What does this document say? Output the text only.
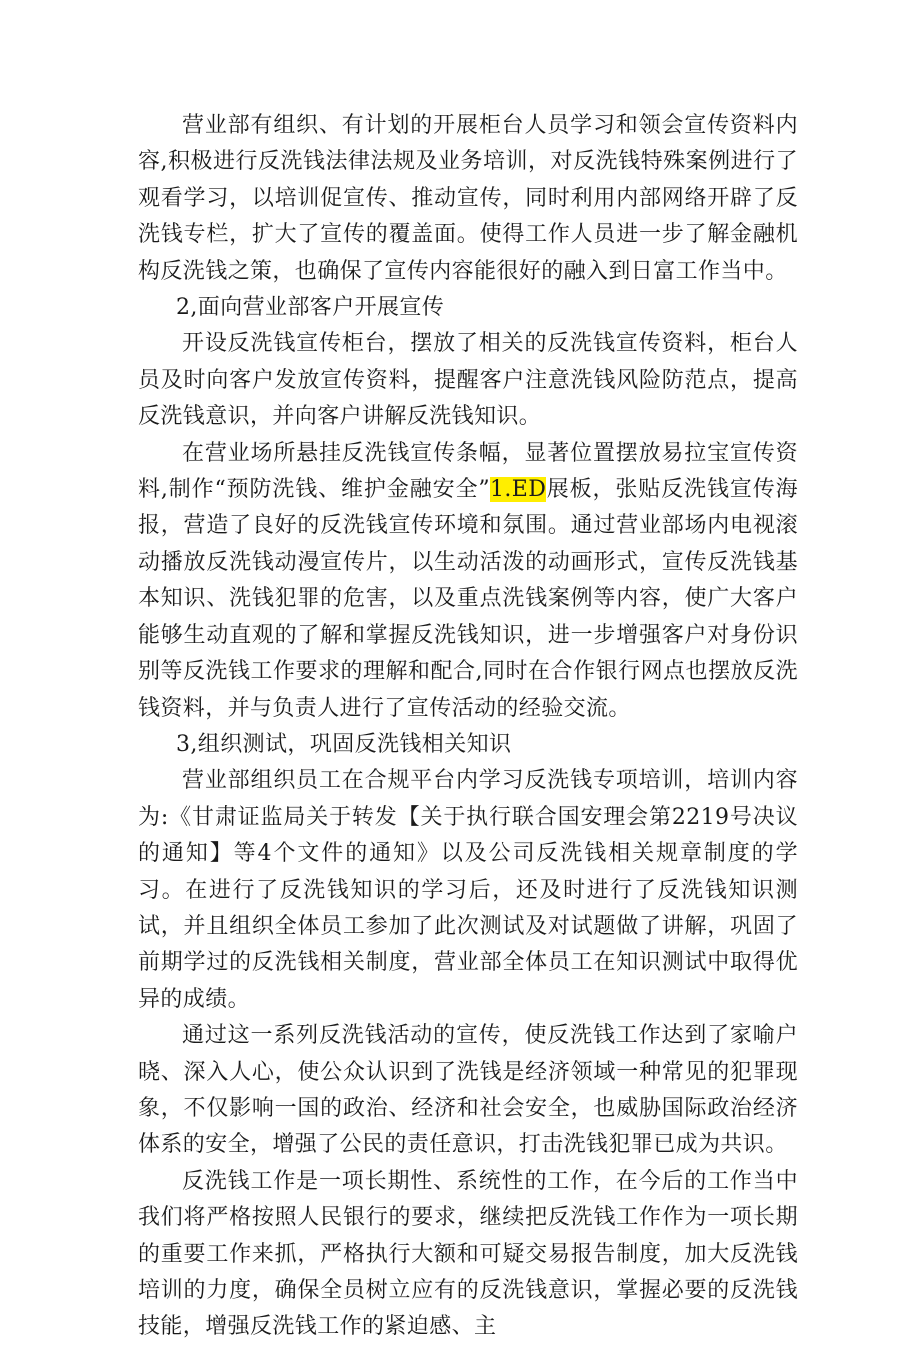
营业部有组织、有计划的开展柜台人员学习和领会宣传资料内容,积极进行反洗钱法律法规及业务培训，对反洗钱特殊案例进行了观看学习，以培训促宣传、推动宣传，同时利用内部网络开辟了反洗钱专栏，扩大了宣传的覆盖面。使得工作人员进一步了解金融机构反洗钱之策，也确保了宣传内容能很好的融入到日富工作当中。

2,面向营业部客户开展宣传

开设反洗钱宣传柜台，摆放了相关的反洗钱宣传资料，柜台人员及时向客户发放宣传资料，提醒客户注意洗钱风险防范点，提高反洗钱意识，并向客户讲解反洗钱知识。

在营业场所悬挂反洗钱宣传条幅，显著位置摆放易拉宝宣传资料,制作“预防洗钱、维护金融安全”1.ED展板，张贴反洗钱宣传海报，营造了良好的反洗钱宣传环境和氛围。通过营业部场内电视滚动播放反洗钱动漫宣传片，以生动活泼的动画形式，宣传反洗钱基本知识、洗钱犯罪的危害，以及重点洗钱案例等内容，使广大客户能够生动直观的了解和掌握反洗钱知识，进一步增强客户对身份识别等反洗钱工作要求的理解和配合,同时在合作银行网点也摆放反洗钱资料，并与负责人进行了宣传活动的经验交流。

3,组织测试，巩固反洗钱相关知识

营业部组织员工在合规平台内学习反洗钱专项培训，培训内容为:《甘肃证监局关于转发【关于执行联合国安理会第2219号决议的通知】等4个文件的通知》以及公司反洗钱相关规章制度的学习。在进行了反洗钱知识的学习后，还及时进行了反洗钱知识测试，并且组织全体员工参加了此次测试及对试题做了讲解，巩固了前期学过的反洗钱相关制度，营业部全体员工在知识测试中取得优异的成绩。

通过这一系列反洗钱活动的宣传，使反洗钱工作达到了家喻户晓、深入人心，使公众认识到了洗钱是经济领域一种常见的犯罪现象，不仅影响一国的政治、经济和社会安全，也威胁国际政治经济体系的安全，增强了公民的责任意识，打击洗钱犯罪已成为共识。

反洗钱工作是一项长期性、系统性的工作，在今后的工作当中我们将严格按照人民银行的要求，继续把反洗钱工作作为一项长期的重要工作来抓，严格执行大额和可疑交易报告制度，加大反洗钱培训的力度，确保全员树立应有的反洗钱意识，掌握必要的反洗钱技能，增强反洗钱工作的紧迫感、主
